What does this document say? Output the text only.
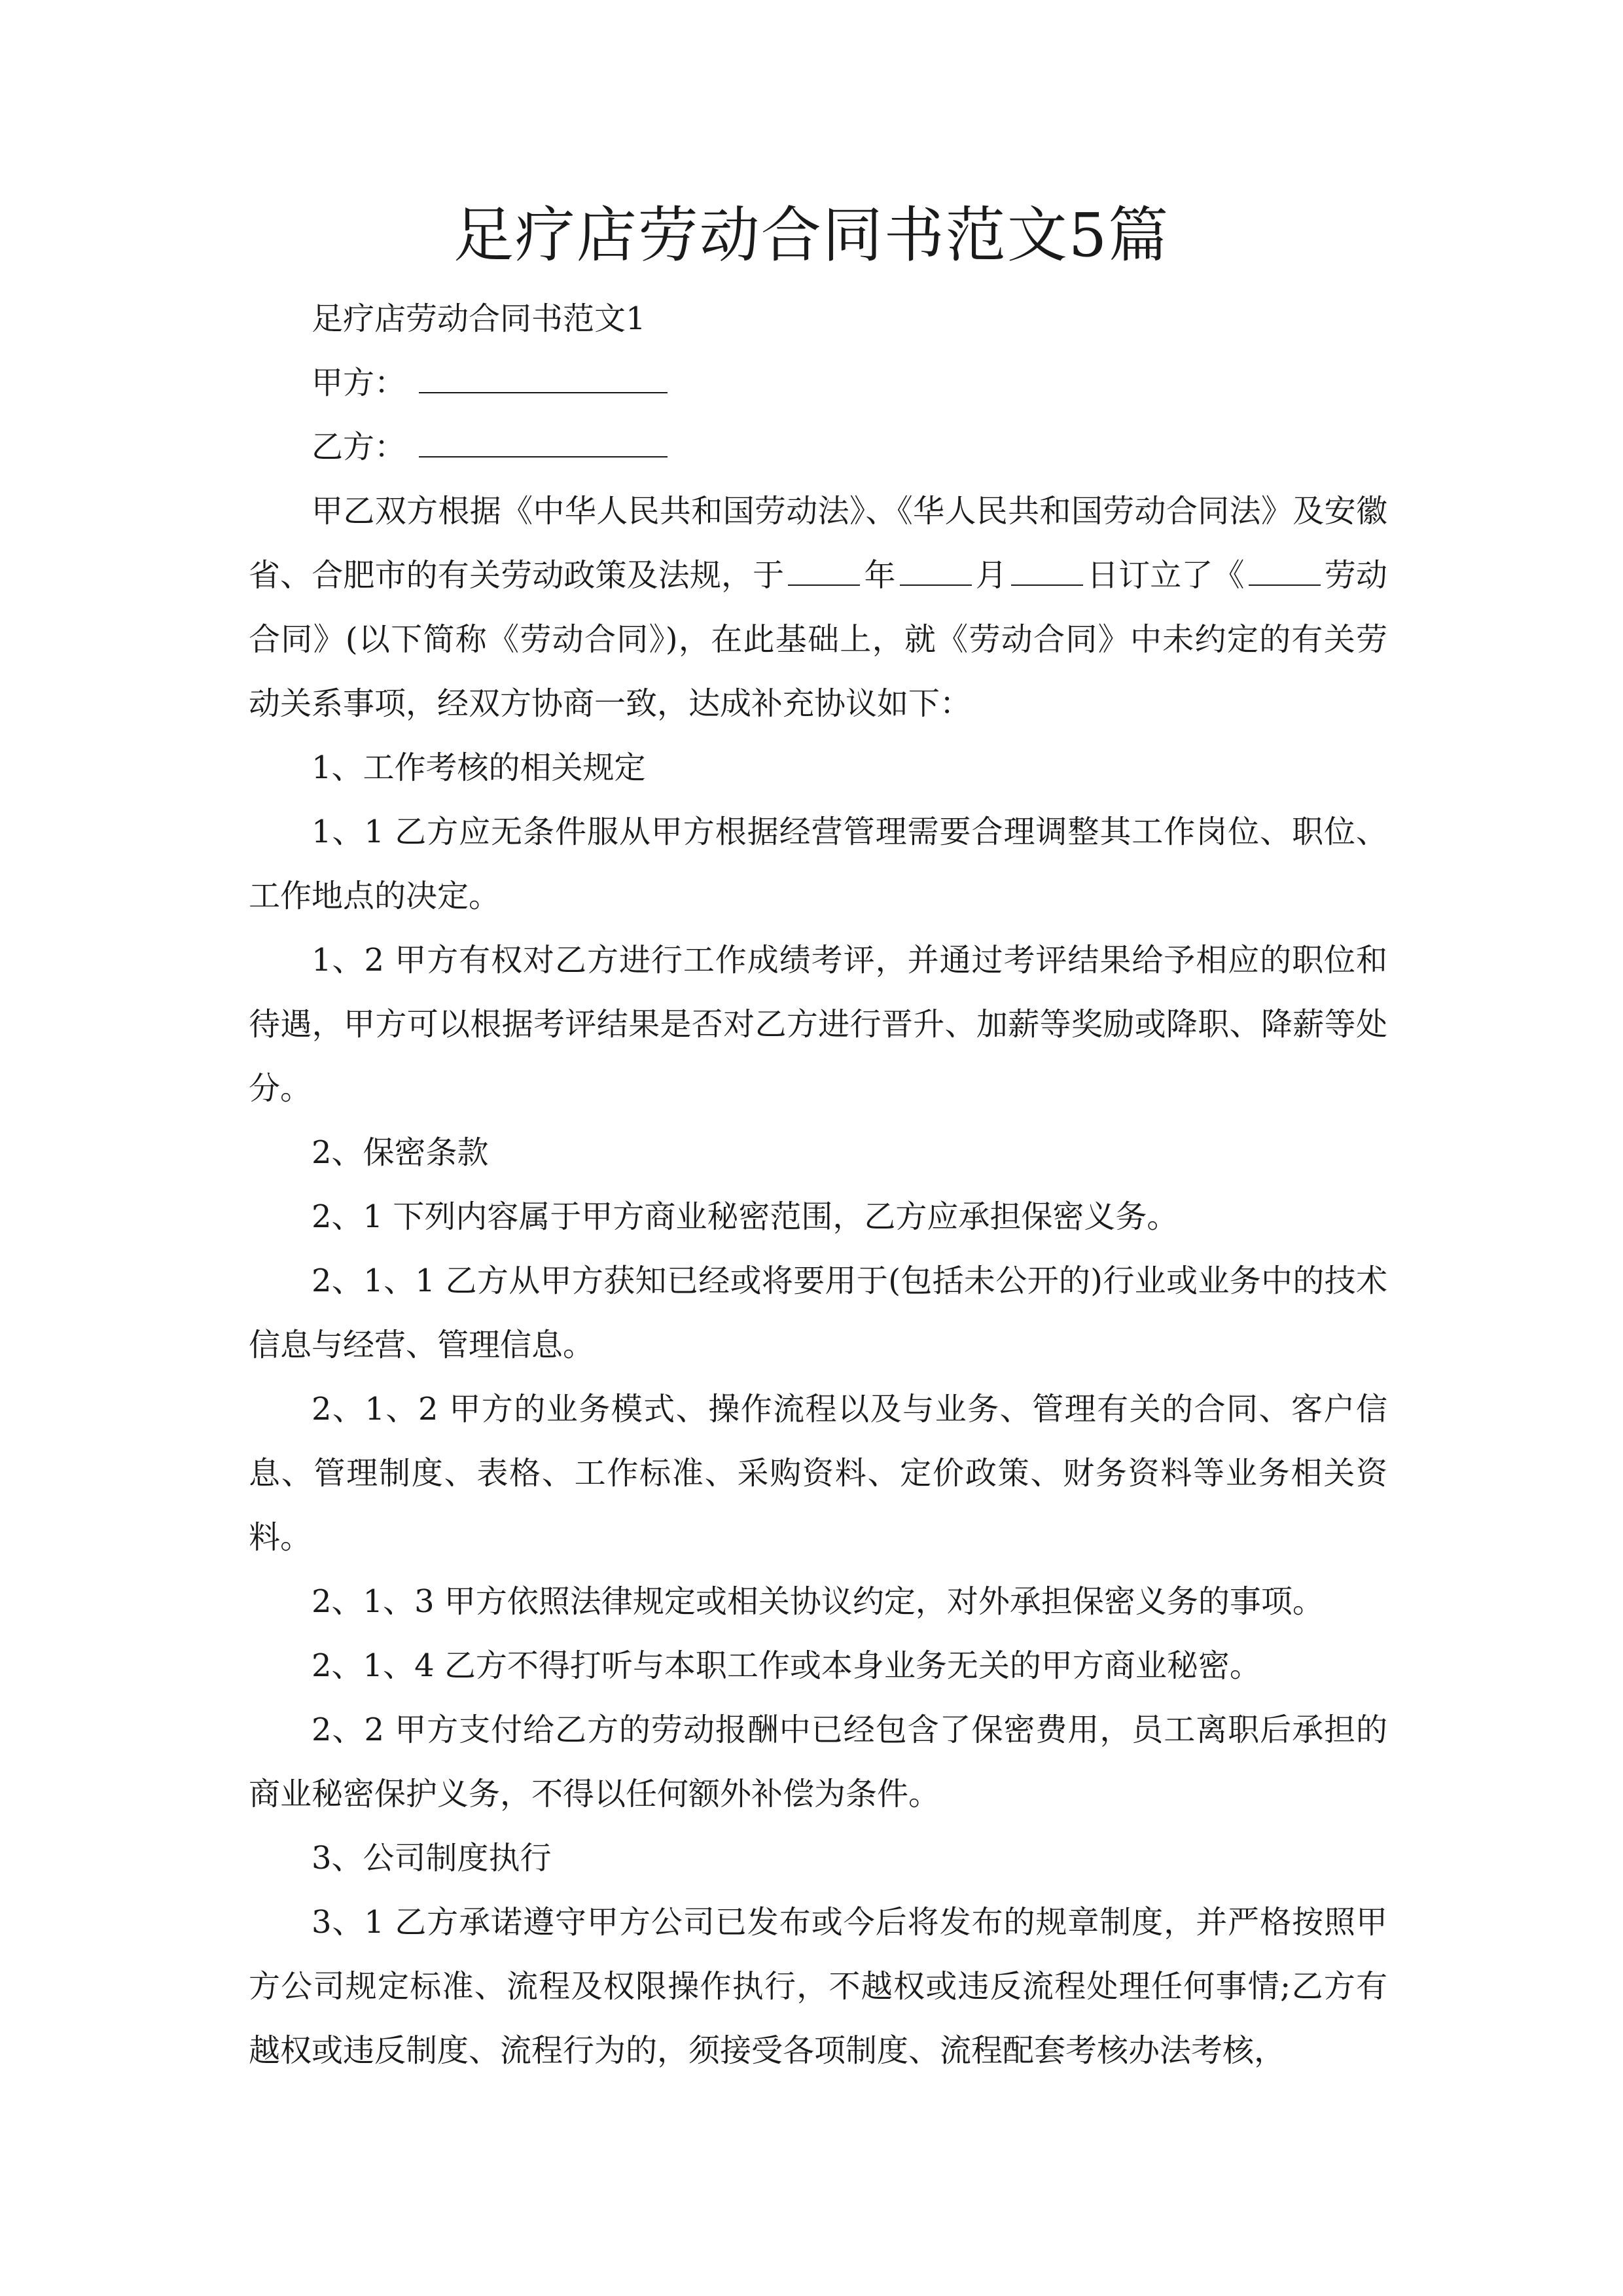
足疗店劳动合同书范文5篇

足疗店劳动合同书范文1

甲方：

乙方：

甲乙双方根据《中华人民共和国劳动法》、《华人民共和国劳动合同法》及安徽省、合肥市的有关劳动政策及法规，于	年	月	日订立了《	劳动合同》(以下简称《劳动合同》)，在此基础上，就《劳动合同》中未约定的有关劳动关系事项，经双方协商一致，达成补充协议如下：

1、工作考核的相关规定

1、1 乙方应无条件服从甲方根据经营管理需要合理调整其工作岗位、职位、工作地点的决定。

1、2 甲方有权对乙方进行工作成绩考评，并通过考评结果给予相应的职位和待遇，甲方可以根据考评结果是否对乙方进行晋升、加薪等奖励或降职、降薪等处分。

2、保密条款

2、1 下列内容属于甲方商业秘密范围，乙方应承担保密义务。

2、1、1 乙方从甲方获知已经或将要用于(包括未公开的)行业或业务中的技术信息与经营、管理信息。

2、1、2 甲方的业务模式、操作流程以及与业务、管理有关的合同、客户信息、管理制度、表格、工作标准、采购资料、定价政策、财务资料等业务相关资料。

2、1、3 甲方依照法律规定或相关协议约定，对外承担保密义务的事项。

2、1、4 乙方不得打听与本职工作或本身业务无关的甲方商业秘密。

2、2 甲方支付给乙方的劳动报酬中已经包含了保密费用，员工离职后承担的商业秘密保护义务，不得以任何额外补偿为条件。

3、公司制度执行

3、1 乙方承诺遵守甲方公司已发布或今后将发布的规章制度，并严格按照甲方公司规定标准、流程及权限操作执行，不越权或违反流程处理任何事情;乙方有越权或违反制度、流程行为的，须接受各项制度、流程配套考核办法考核，
